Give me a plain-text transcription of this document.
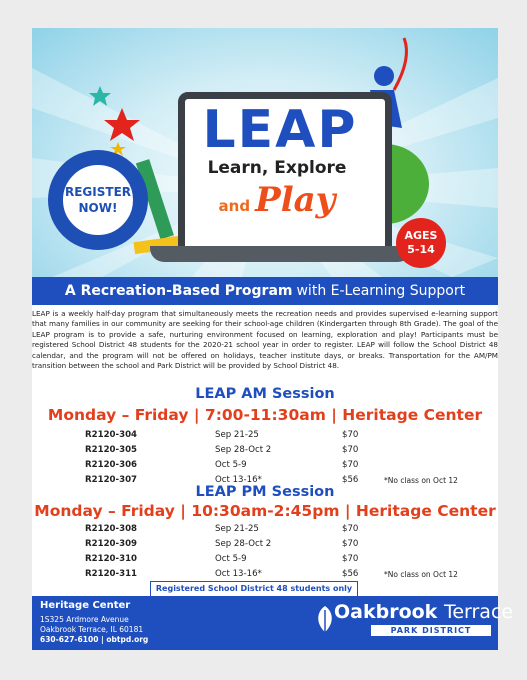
LEAP
Learn, Explore
and Play
REGISTER
NOW!
AGES
5-14
A Recreation-Based Program with E-Learning Support
LEAP is a weekly half-day program that simultaneously meets the recreation needs and provides supervised e-learning support that many families in our community are seeking for their school-age children (Kindergarten through 8th Grade). The goal of the LEAP program is to provide a safe, nurturing environment focused on learning, exploration and play! Participants must be registered School District 48 students for the 2020-21 school year in order to register. LEAP will follow the School District 48 calendar, and the program will not be offered on holidays, teacher institute days, or breaks. Transportation for the AM/PM transition between the school and Park District will be provided by School District 48.
LEAP AM Session
Monday – Friday | 7:00-11:30am | Heritage Center
R2120-304	Sep 21-25	$70
R2120-305	Sep 28-Oct 2	$70
R2120-306	Oct 5-9	$70
R2120-307	Oct 13-16*	$56	*No class on Oct 12
LEAP PM Session
Monday – Friday | 10:30am-2:45pm | Heritage Center
R2120-308	Sep 21-25	$70
R2120-309	Sep 28-Oct 2	$70
R2120-310	Oct 5-9	$70
R2120-311	Oct 13-16*	$56	*No class on Oct 12
Registered School District 48 students only
Heritage Center
1S325 Ardmore Avenue
Oakbrook Terrace, IL 60181
630-627-6100 | obtpd.org
Oakbrook Terrace
PARK DISTRICT
